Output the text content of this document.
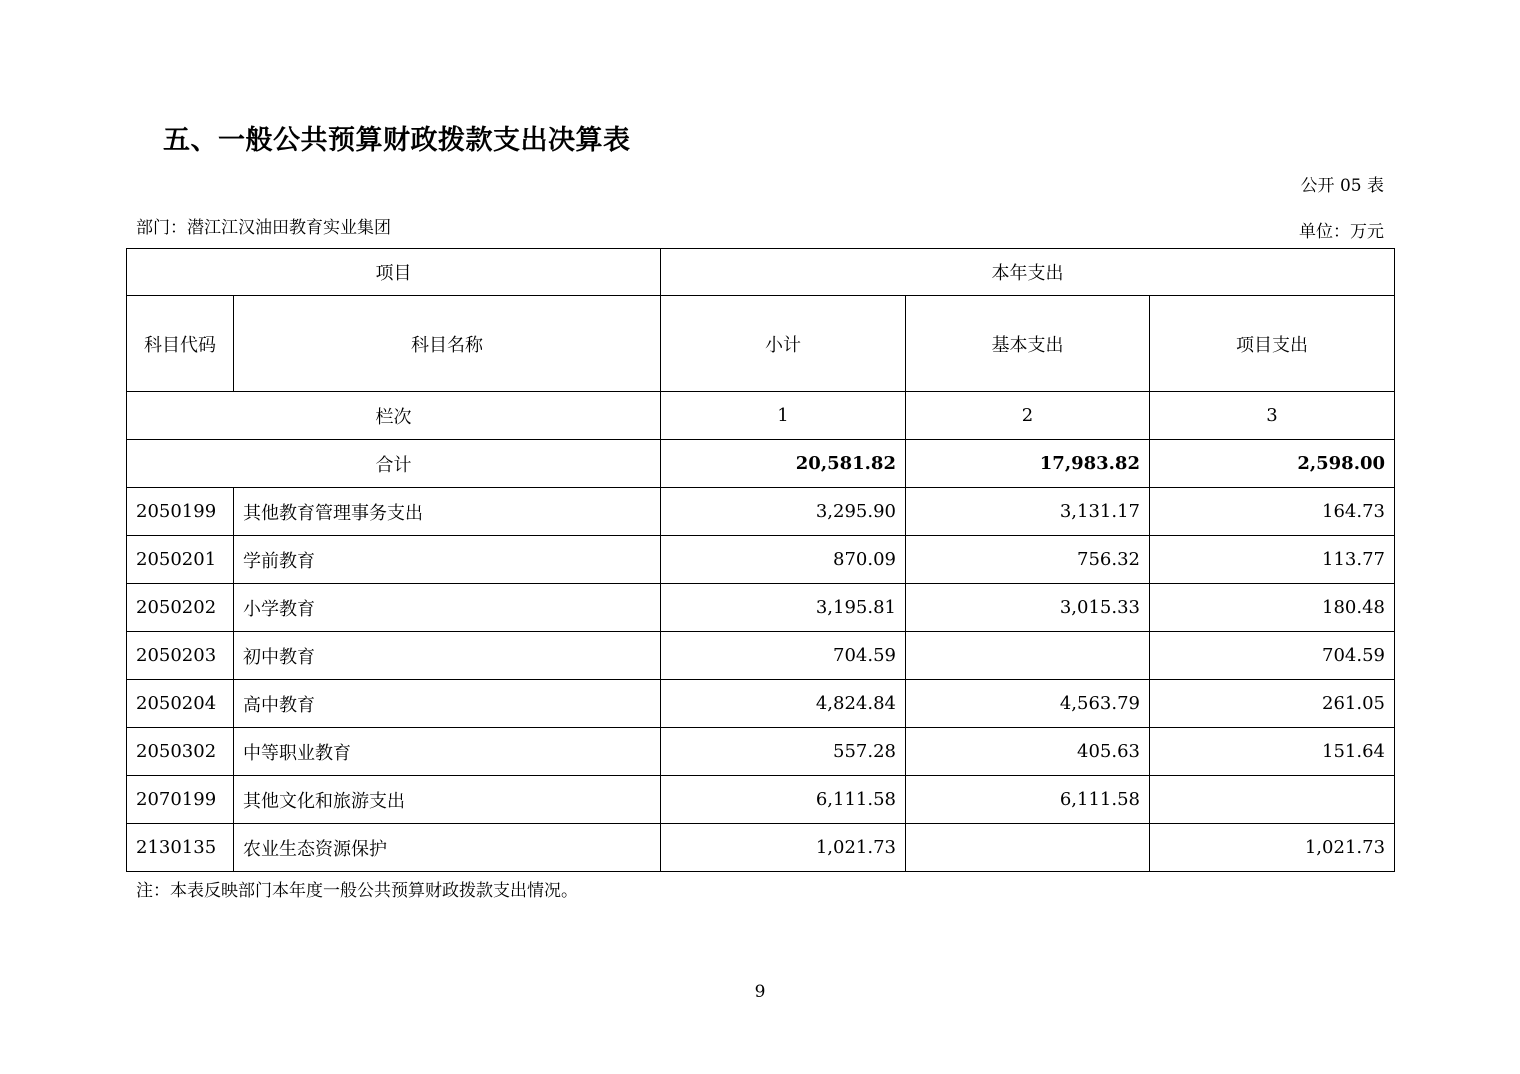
五、一般公共预算财政拨款支出决算表
公开 05 表
部门：潜江江汉油田教育实业集团	单位：万元
项目		本年支出		
科目代码	科目名称	小计	基本支出	项目支出
栏次		1	2	3
合计		20,581.82	17,983.82	2,598.00
2050199	其他教育管理事务支出	3,295.90	3,131.17	164.73
2050201	学前教育	870.09	756.32	113.77
2050202	小学教育	3,195.81	3,015.33	180.48
2050203	初中教育	704.59		704.59
2050204	高中教育	4,824.84	4,563.79	261.05
2050302	中等职业教育	557.28	405.63	151.64
2070199	其他文化和旅游支出	6,111.58	6,111.58	
2130135	农业生态资源保护	1,021.73		1,021.73
注：本表反映部门本年度一般公共预算财政拨款支出情况。
9
